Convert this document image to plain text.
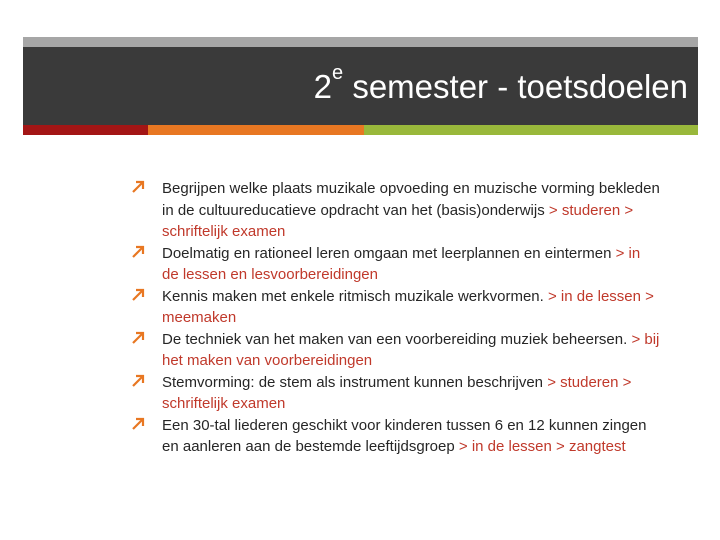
2e semester - toetsdoelen
Begrijpen welke plaats muzikale opvoeding en muzische vorming bekleden in de cultuureducatieve opdracht van het (basis)onderwijs > studeren > schriftelijk examen
Doelmatig en rationeel leren omgaan met leerplannen en eintermen > in de lessen en lesvoorbereidingen
Kennis maken met enkele ritmisch muzikale werkvormen. > in de lessen > meemaken
De techniek van het maken van een voorbereiding muziek beheersen. > bij het maken van voorbereidingen
Stemvorming: de stem als instrument kunnen beschrijven > studeren > schriftelijk examen
Een 30-tal liederen geschikt voor kinderen tussen 6 en 12 kunnen zingen en aanleren aan de bestemde leeftijdsgroep > in de lessen > zangtest
